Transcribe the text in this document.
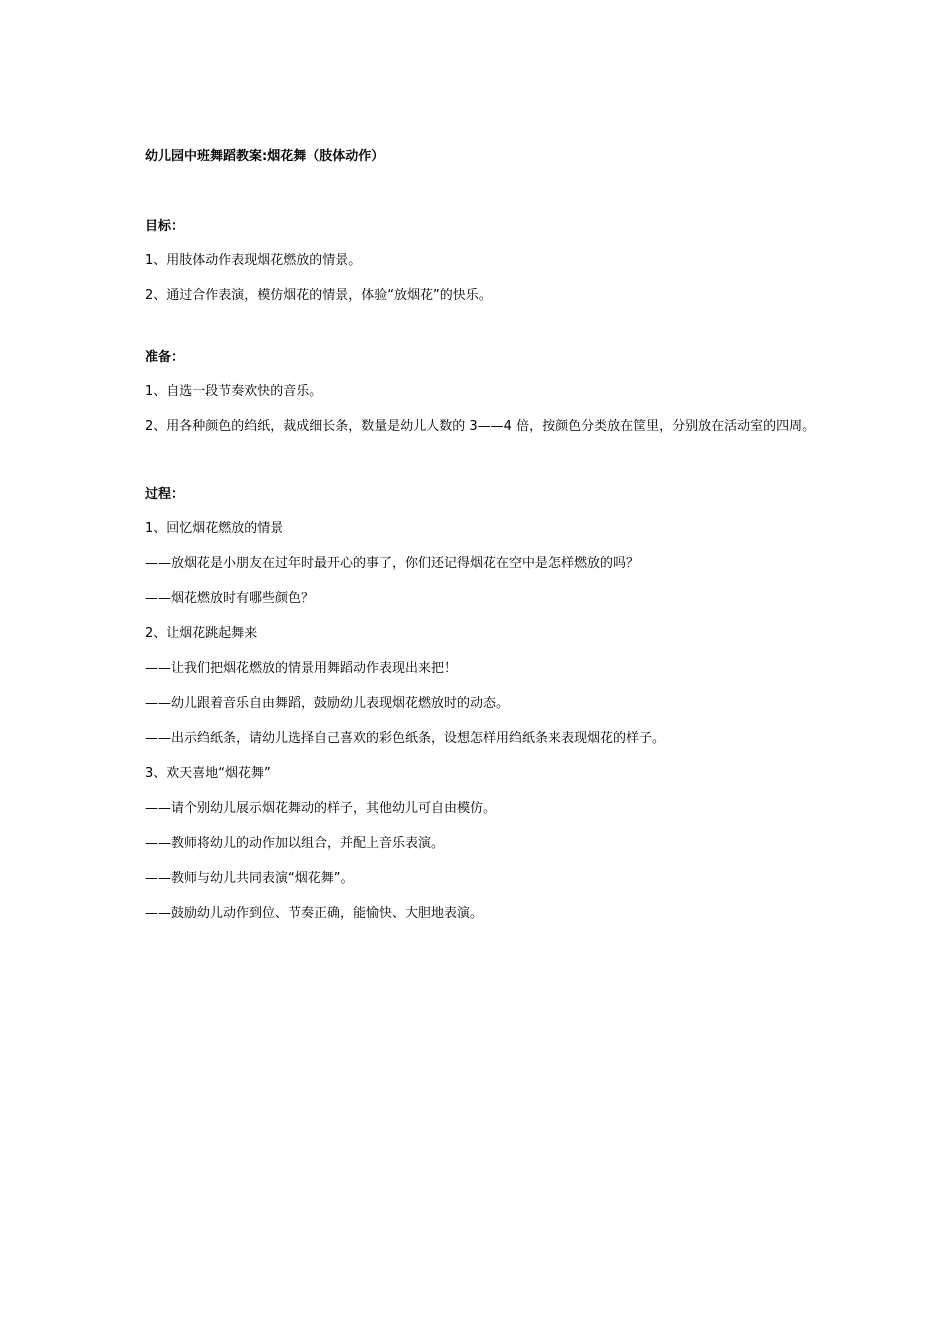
幼儿园中班舞蹈教案:烟花舞（肢体动作）

目标：

1、用肢体动作表现烟花燃放的情景。

2、通过合作表演，模仿烟花的情景，体验“放烟花”的快乐。

准备：

1、自选一段节奏欢快的音乐。

2、用各种颜色的绉纸，裁成细长条，数量是幼儿人数的 3——4 倍，按颜色分类放在筐里，分别放在活动室的四周。

过程：

1、回忆烟花燃放的情景

——放烟花是小朋友在过年时最开心的事了，你们还记得烟花在空中是怎样燃放的吗？

——烟花燃放时有哪些颜色？

2、让烟花跳起舞来

——让我们把烟花燃放的情景用舞蹈动作表现出来把！

——幼儿跟着音乐自由舞蹈，鼓励幼儿表现烟花燃放时的动态。

——出示绉纸条，请幼儿选择自己喜欢的彩色纸条，设想怎样用绉纸条来表现烟花的样子。

3、欢天喜地“烟花舞”

——请个别幼儿展示烟花舞动的样子，其他幼儿可自由模仿。

——教师将幼儿的动作加以组合，并配上音乐表演。

——教师与幼儿共同表演“烟花舞”。

——鼓励幼儿动作到位、节奏正确，能愉快、大胆地表演。
